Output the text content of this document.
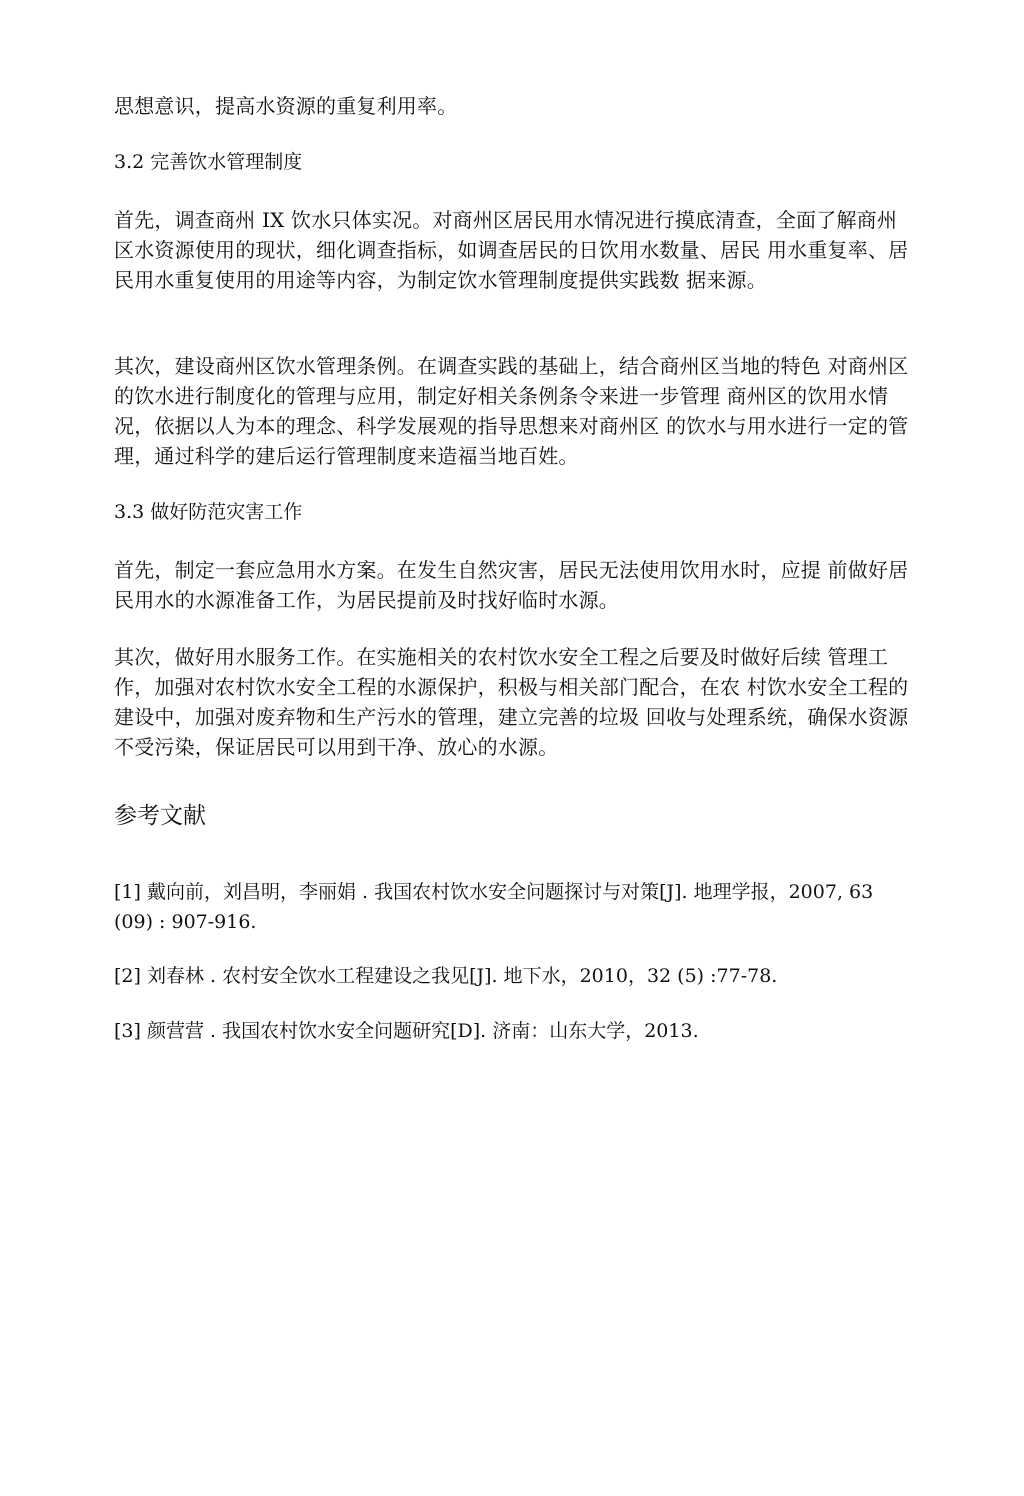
思想意识，提高水资源的重复利用率。

3.2 完善饮水管理制度

首先，调查商州 IX 饮水只体实况。对商州区居民用水情况进行摸底清查，全面了解商州区水资源使用的现状，细化调查指标，如调查居民的日饮用水数量、居民 用水重复率、居民用水重复使用的用途等内容，为制定饮水管理制度提供实践数 据来源。

其次，建设商州区饮水管理条例。在调查实践的基础上，结合商州区当地的特色 对商州区的饮水进行制度化的管理与应用，制定好相关条例条令来进一步管理 商州区的饮用水情况，依据以人为本的理念、科学发展观的指导思想来对商州区 的饮水与用水进行一定的管理，通过科学的建后运行管理制度来造福当地百姓。

3.3 做好防范灾害工作

首先，制定一套应急用水方案。在发生自然灾害，居民无法使用饮用水时，应提 前做好居民用水的水源准备工作，为居民提前及时找好临时水源。

其次，做好用水服务工作。在实施相关的农村饮水安全工程之后要及时做好后续 管理工作，加强对农村饮水安全工程的水源保护，积极与相关部门配合，在农 村饮水安全工程的建设中，加强对废弃物和生产污水的管理，建立完善的垃圾 回收与处理系统，确保水资源不受污染，保证居民可以用到干净、放心的水源。

参考文献

[1] 戴向前，刘昌明，李丽娟 . 我国农村饮水安全问题探讨与对策[J]. 地理学报，2007, 63 (09) : 907-916.

[2] 刘春林 . 农村安全饮水工程建设之我见[J]. 地下水，2010，32 (5) :77-78.

[3] 颜营营 . 我国农村饮水安全问题研究[D]. 济南：山东大学，2013.
